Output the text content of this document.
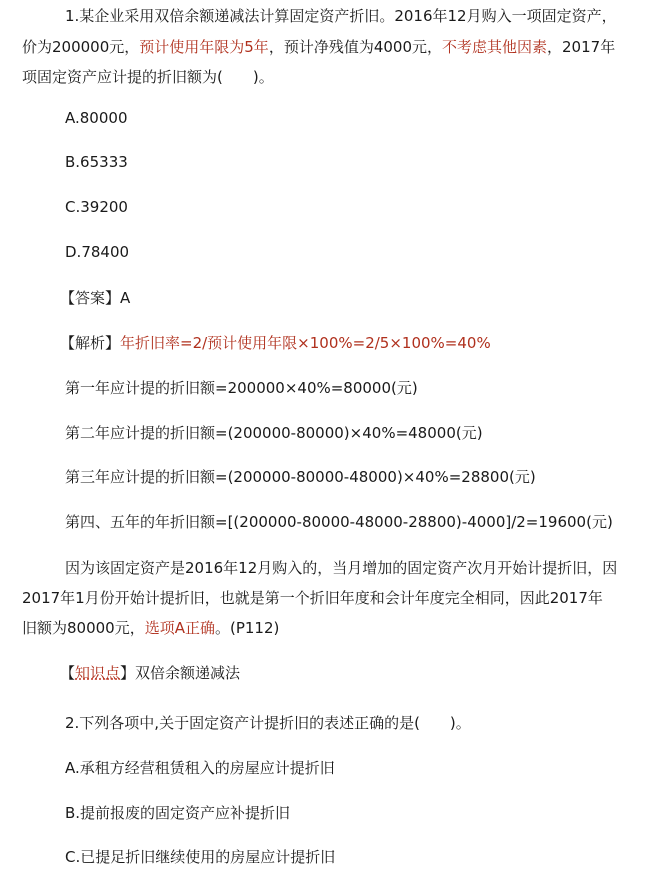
1.某企业采用双倍余额递减法计算固定资产折旧。2016年12月购入一项固定资产，
价为200000元，预计使用年限为5年，预计净残值为4000元，不考虑其他因素，2017年
项固定资产应计提的折旧额为(　　)。
A.80000
B.65333
C.39200
D.78400
【答案】A
【解析】年折旧率=2/预计使用年限×100%=2/5×100%=40%
第一年应计提的折旧额=200000×40%=80000(元)
第二年应计提的折旧额=(200000-80000)×40%=48000(元)
第三年应计提的折旧额=(200000-80000-48000)×40%=28800(元)
第四、五年的年折旧额=[(200000-80000-48000-28800)-4000]/2=19600(元)
因为该固定资产是2016年12月购入的，当月增加的固定资产次月开始计提折旧，因
2017年1月份开始计提折旧，也就是第一个折旧年度和会计年度完全相同，因此2017年
旧额为80000元，选项A正确。(P112)
【知识点】双倍余额递减法
2.下列各项中,关于固定资产计提折旧的表述正确的是(　　)。
A.承租方经营租赁租入的房屋应计提折旧
B.提前报废的固定资产应补提折旧
C.已提足折旧继续使用的房屋应计提折旧
